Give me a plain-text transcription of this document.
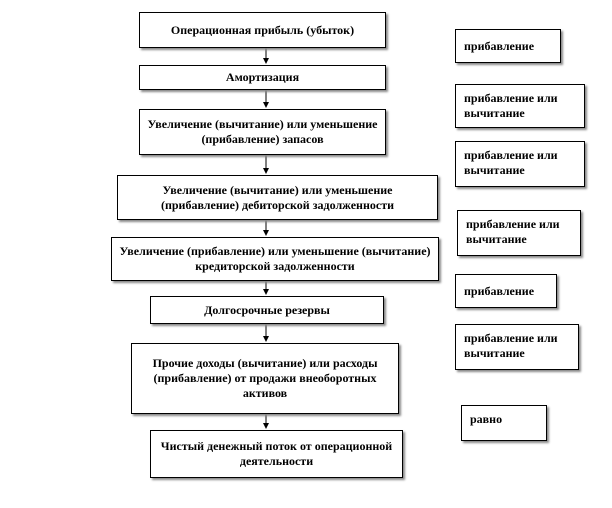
Операционная прибыль (убыток)
Амортизация
Увеличение (вычитание) или уменьшение (прибавление) запасов
Увеличение (вычитание) или уменьшение (прибавление) дебиторской задолженности
Увеличение (прибавление) или уменьшение (вычитание) кредиторской задолженности
Долгосрочные резервы
Прочие доходы (вычитание) или расходы (прибавление) от продажи внеоборотных активов
Чистый денежный поток от операционной деятельности
прибавление
прибавление или вычитание
прибавление или вычитание
прибавление или вычитание
прибавление
прибавление или вычитание
равно
